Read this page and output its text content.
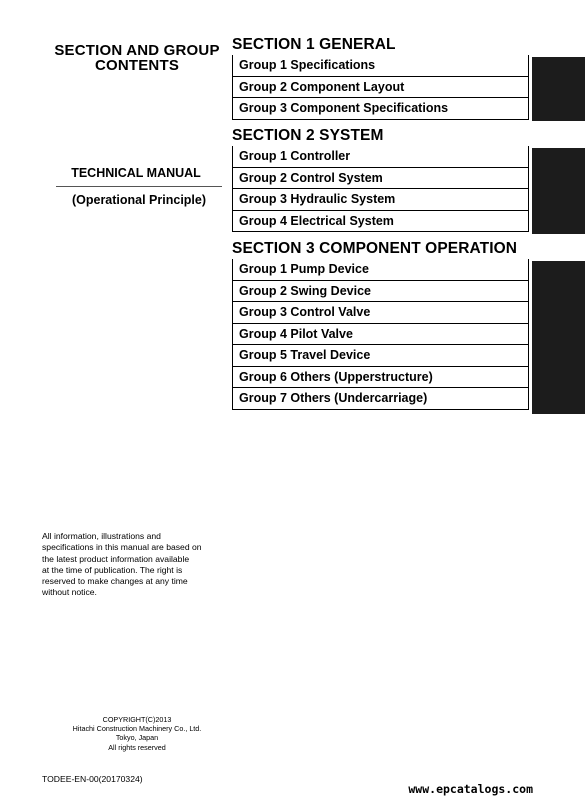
SECTION AND GROUP
CONTENTS
TECHNICAL MANUAL
(Operational Principle)
All information, illustrations and
specifications in this manual are based on
the latest product information available
at the time of publication. The right is
reserved to make changes at any time
without notice.
COPYRIGHT(C)2013
Hitachi Construction Machinery Co., Ltd.
Tokyo, Japan
All rights reserved
TODEE-EN-00(20170324)
www.epcatalogs.com
SECTION 1 GENERAL
Group 1 Specifications
Group 2 Component Layout
Group 3 Component Specifications
SECTION 2 SYSTEM
Group 1 Controller
Group 2 Control System
Group 3 Hydraulic System
Group 4 Electrical System
SECTION 3 COMPONENT OPERATION
Group 1 Pump Device
Group 2 Swing Device
Group 3 Control Valve
Group 4 Pilot Valve
Group 5 Travel Device
Group 6 Others (Upperstructure)
Group 7 Others (Undercarriage)
